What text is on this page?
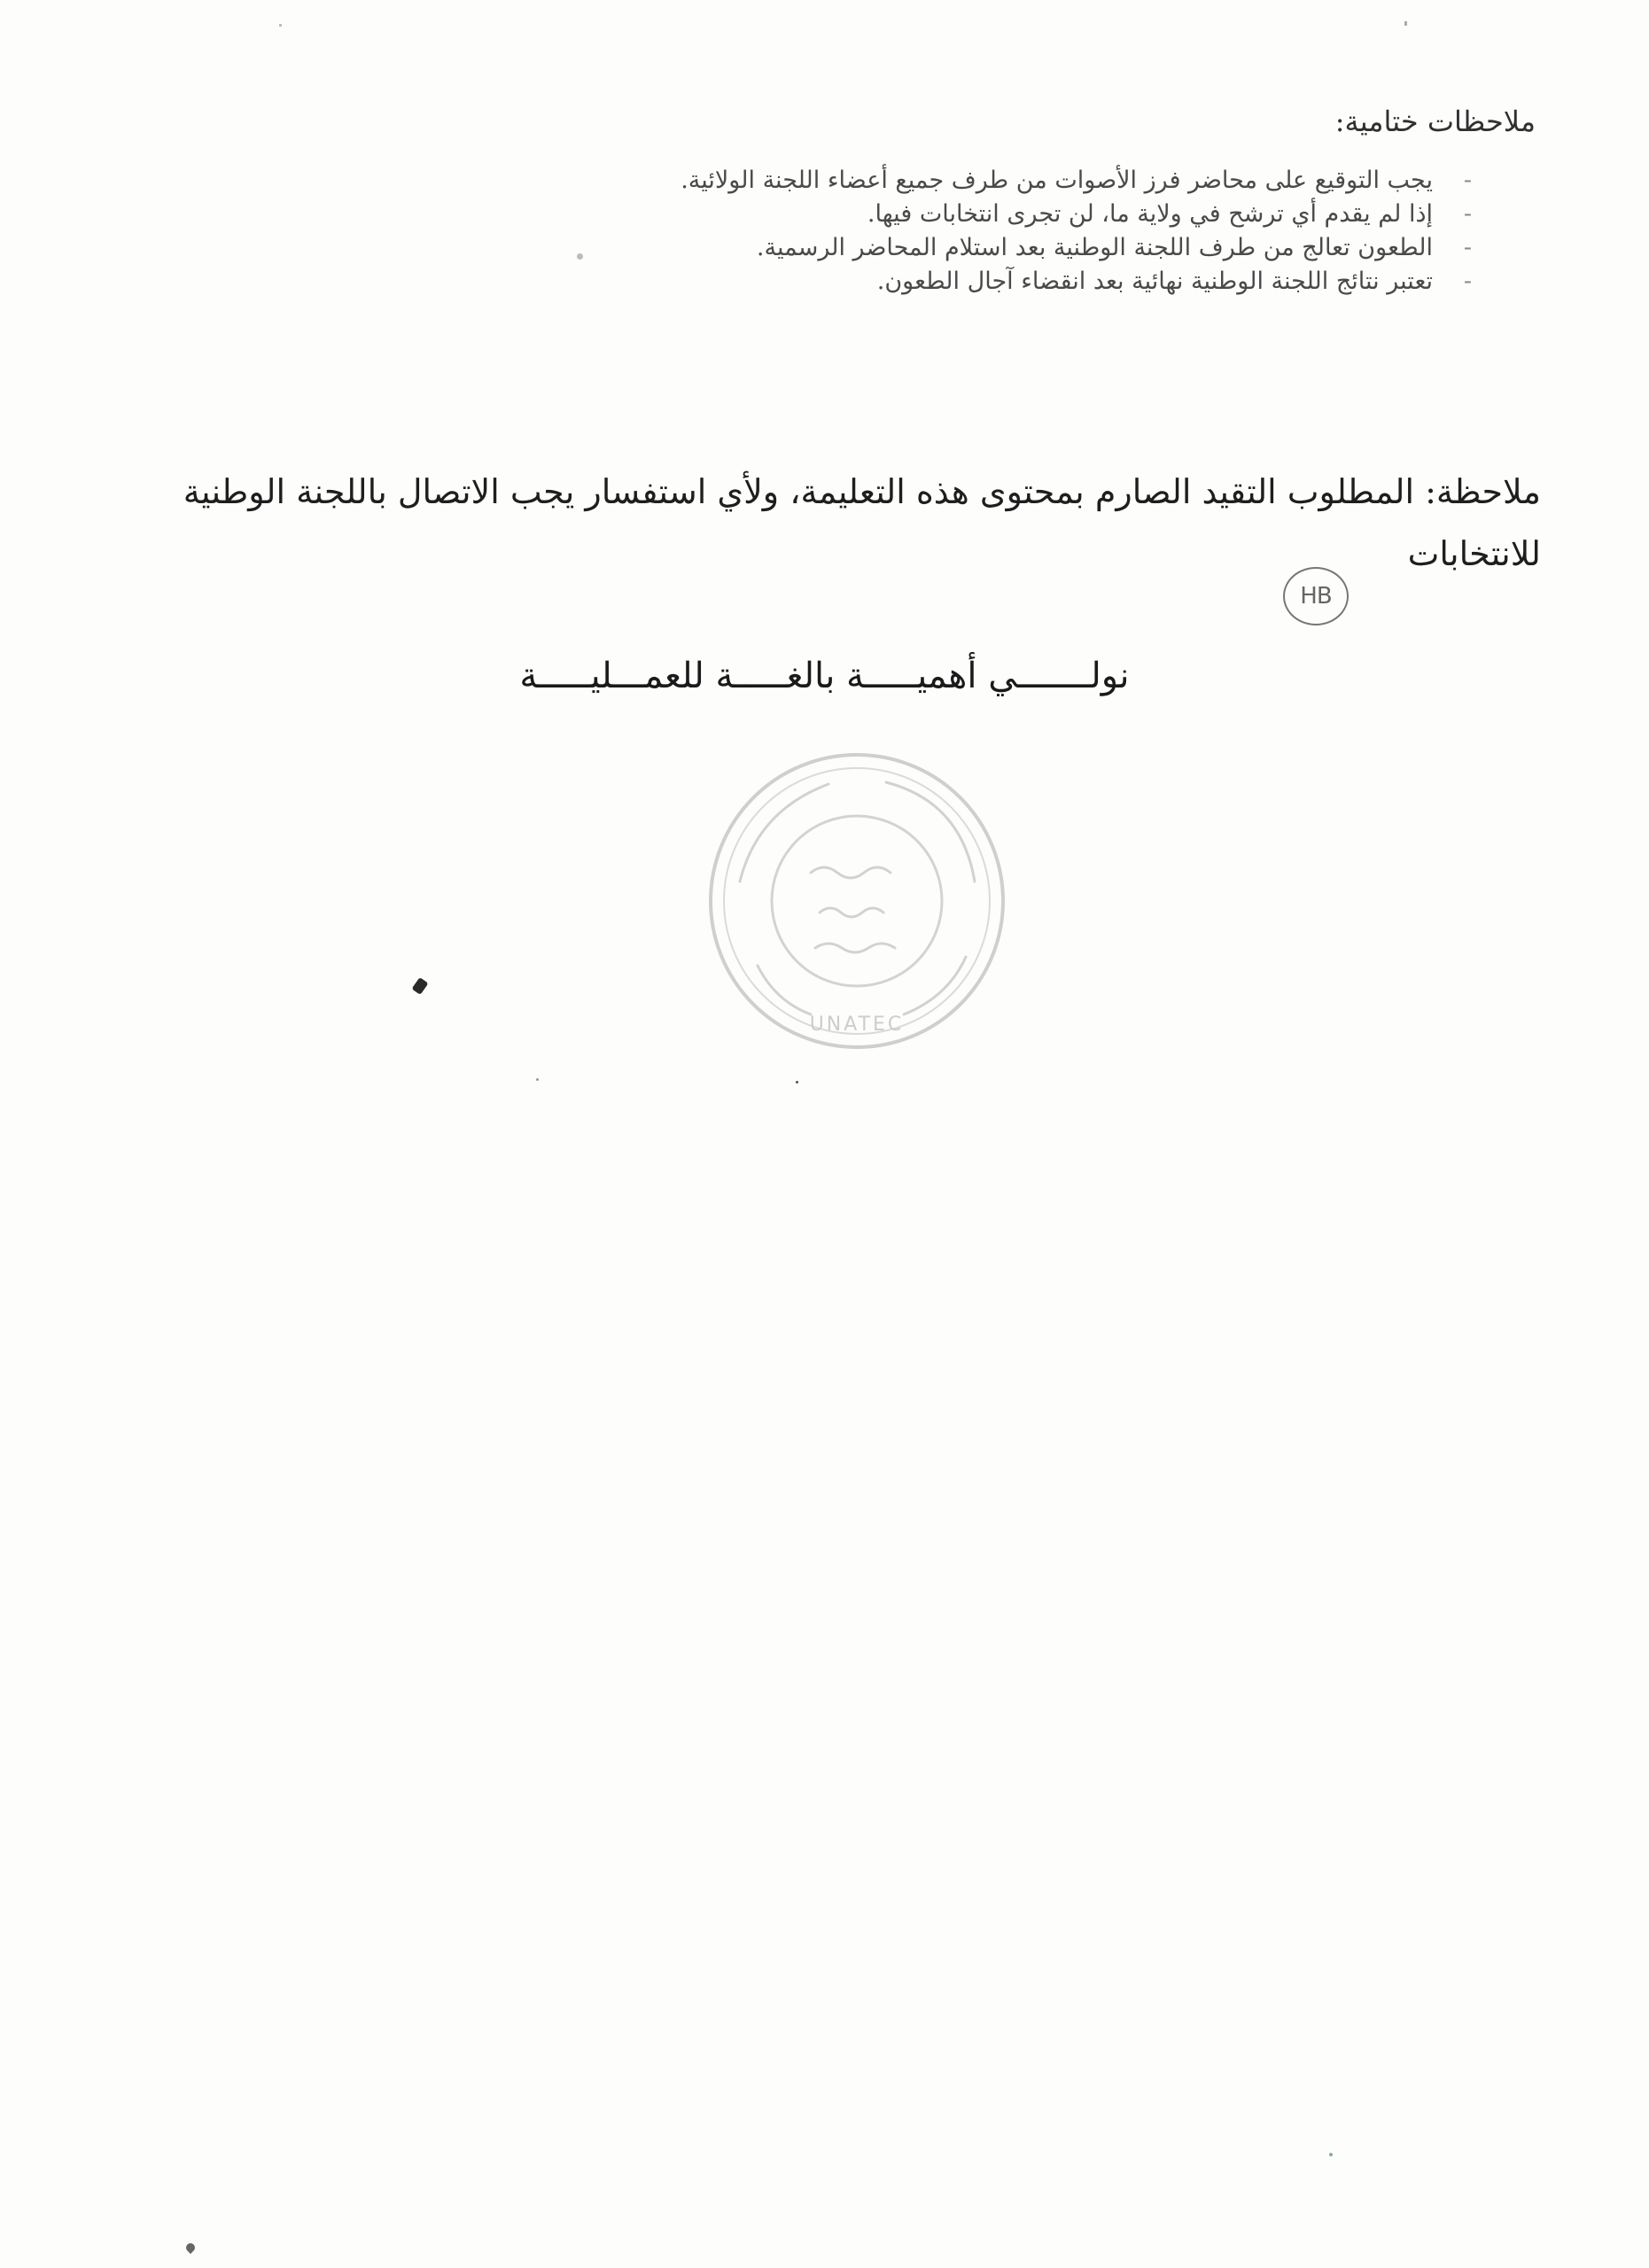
ملاحظات ختامية:
- يجب التوقيع على محاضر فرز الأصوات من طرف جميع أعضاء اللجنة الولائية.
- إذا لم يقدم أي ترشح في ولاية ما، لن تجرى انتخابات فيها.
- الطعون تعالج من طرف اللجنة الوطنية بعد استلام المحاضر الرسمية.
- تعتبر نتائج اللجنة الوطنية نهائية بعد انقضاء آجال الطعون.
ملاحظة: المطلوب التقيد الصارم بمحتوى هذه التعليمة، ولأي استفسار يجب الاتصال باللجنة الوطنية للانتخابات
HB
نولـــــــي أهميـــــة بالغـــــة للعمـــليـــــة
UNATEC
